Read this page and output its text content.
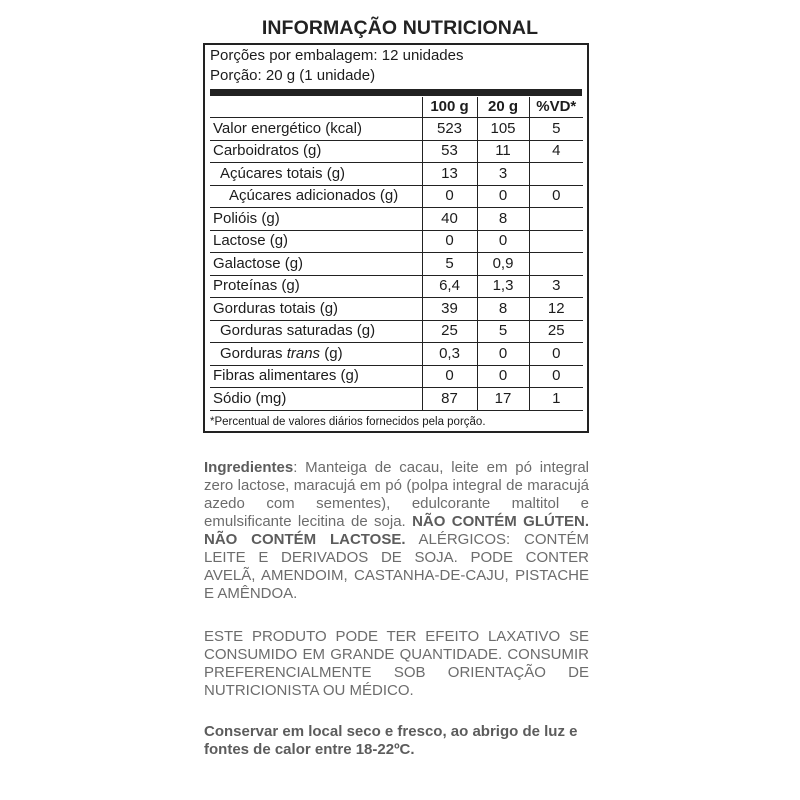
INFORMAÇÃO NUTRICIONAL
Porções por embalagem: 12 unidades
Porção: 20 g (1 unidade)
	100 g	20 g	%VD*
Valor energético (kcal)	523	105	5
Carboidratos (g)	53	11	4
Açúcares totais (g)	13	3	
Açúcares adicionados (g)	0	0	0
Polióis (g)	40	8	
Lactose (g)	0	0	
Galactose (g)	5	0,9	
Proteínas (g)	6,4	1,3	3
Gorduras totais (g)	39	8	12
Gorduras saturadas (g)	25	5	25
Gorduras trans (g)	0,3	0	0
Fibras alimentares (g)	0	0	0
Sódio (mg)	87	17	1
*Percentual de valores diários fornecidos pela porção.
Ingredientes: Manteiga de cacau, leite em pó integral zero lactose, maracujá em pó (polpa integral de maracujá azedo com sementes), edulcorante maltitol e emulsificante lecitina de soja. NÃO CONTÉM GLÚTEN. NÃO CONTÉM LACTOSE. ALÉRGICOS: CONTÉM LEITE E DERIVADOS DE SOJA. PODE CONTER AVELÃ, AMENDOIM, CASTANHA-DE-CAJU, PISTACHE E AMÊNDOA.
ESTE PRODUTO PODE TER EFEITO LAXATIVO SE CONSUMIDO EM GRANDE QUANTIDADE. CONSUMIR PREFERENCIALMENTE SOB ORIENTAÇÃO DE NUTRICIONISTA OU MÉDICO.
Conservar em local seco e fresco, ao abrigo de luz e fontes de calor entre 18-22ºC.
